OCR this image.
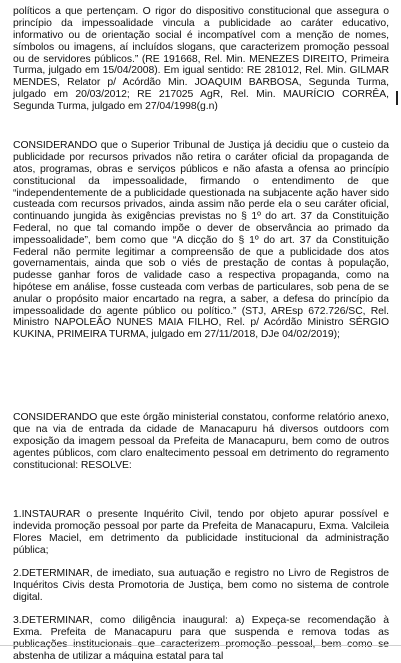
políticos a que pertençam. O rigor do dispositivo constitucional que assegura o princípio da impessoalidade vincula a publicidade ao caráter educativo, informativo ou de orientação social é incompatível com a menção de nomes, símbolos ou imagens, aí incluídos slogans, que caracterizem promoção pessoal ou de servidores públicos.” (RE 191668, Rel. Min. MENEZES DIREITO, Primeira Turma, julgado em 15/04/2008). Em igual sentido: RE 281012, Rel. Min. GILMAR MENDES, Relator p/ Acórdão Min. JOAQUIM BARBOSA, Segunda Turma, julgado em 20/03/2012; RE 217025 AgR, Rel. Min. MAURÍCIO CORRÊA, Segunda Turma, julgado em 27/04/1998(g.n)

CONSIDERANDO que o Superior Tribunal de Justiça já decidiu que o custeio da publicidade por recursos privados não retira o caráter oficial da propaganda de atos, programas, obras e serviços públicos e não afasta a ofensa ao princípio constitucional da impessoalidade, firmando o entendimento de que “independentemente de a publicidade questionada na subjacente ação haver sido custeada com recursos privados, ainda assim não perde ela o seu caráter oficial, continuando jungida às exigências previstas no § 1º do art. 37 da Constituição Federal, no que tal comando impõe o dever de observância ao primado da impessoalidade”, bem como que “A dicção do § 1º do art. 37 da Constituição Federal não permite legitimar a compreensão de que a publicidade dos atos governamentais, ainda que sob o viés de prestação de contas à população, pudesse ganhar foros de validade caso a respectiva propaganda, como na hipótese em análise, fosse custeada com verbas de particulares, sob pena de se anular o propósito maior encartado na regra, a saber, a defesa do princípio da impessoalidade do agente público ou político.” (STJ, AREsp 672.726/SC, Rel. Ministro NAPOLEÃO NUNES MAIA FILHO, Rel. p/ Acórdão Ministro SÉRGIO KUKINA, PRIMEIRA TURMA, julgado em 27/11/2018, DJe 04/02/2019);

CONSIDERANDO que este órgão ministerial constatou, conforme relatório anexo, que na via de entrada da cidade de Manacapuru há diversos outdoors com exposição da imagem pessoal da Prefeita de Manacapuru, bem como de outros agentes públicos, com claro enaltecimento pessoal em detrimento do regramento constitucional: RESOLVE:

1.INSTAURAR o presente Inquérito Civil, tendo por objeto apurar possível e indevida promoção pessoal por parte da Prefeita de Manacapuru, Exma. Valcileia Flores Maciel, em detrimento da publicidade institucional da administração pública;

2.DETERMINAR, de imediato, sua autuação e registro no Livro de Registros de Inquéritos Civis desta Promotoria de Justiça, bem como no sistema de controle digital.

3.DETERMINAR, como diligência inaugural: a) Expeça-se recomendação à Exma. Prefeita de Manacapuru para que suspenda e remova todas as abstenha de utilizar a máquina estatal para tal
